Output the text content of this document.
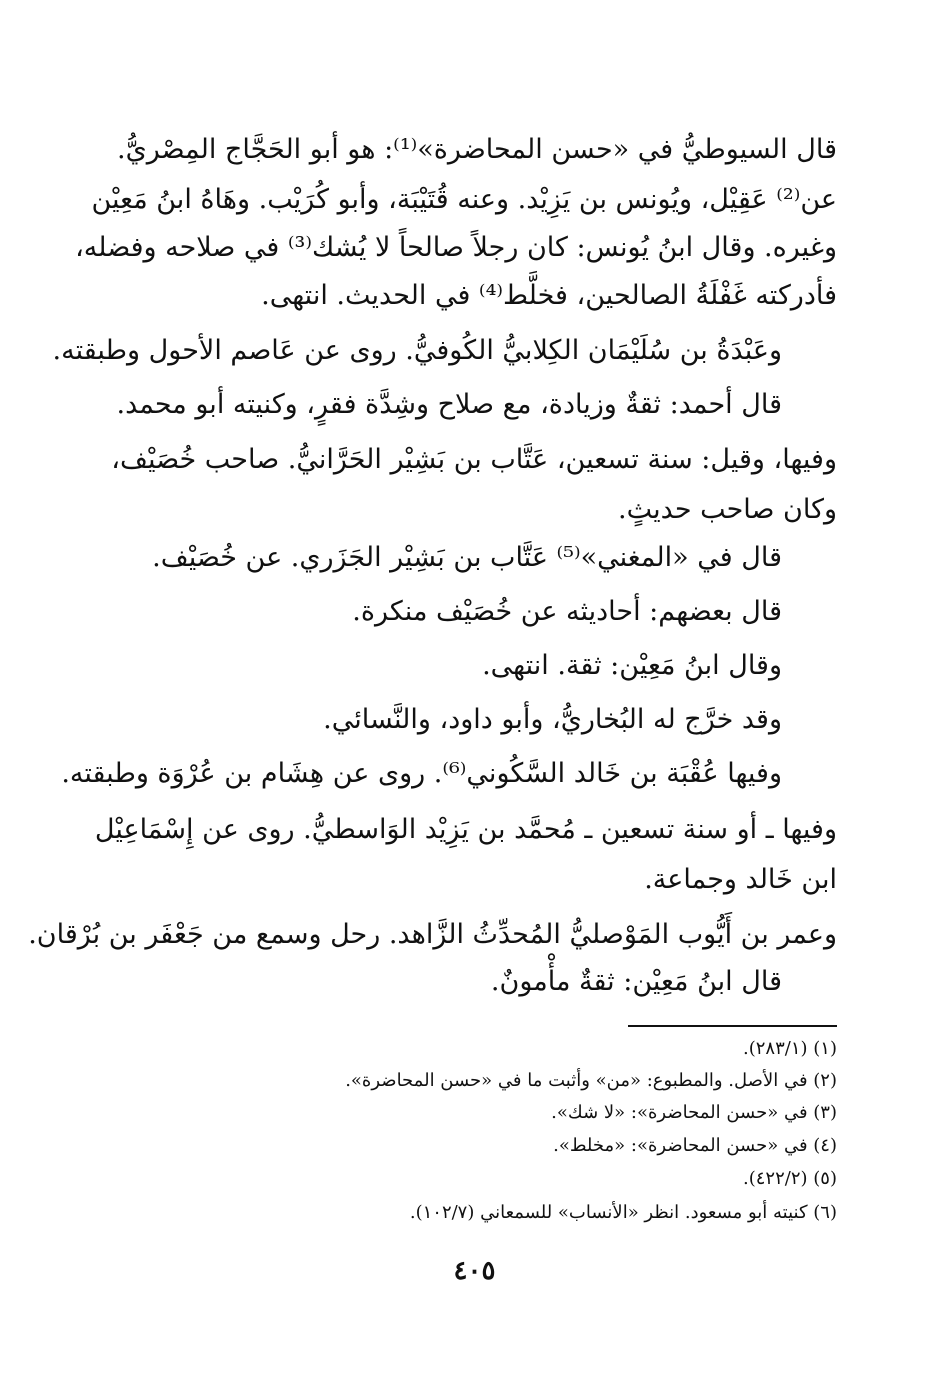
قال السيوطيُّ في «حسن المحاضرة»⁽¹⁾: هو أبو الحَجَّاج المِصْريُّ.
عن⁽²⁾ عَقِيْل، ويُونس بن يَزِيْد. وعنه قُتَيْبَة، وأبو كُرَيْب. وهَاهُ ابنُ مَعِيْن
وغيره. وقال ابنُ يُونس: كان رجلاً صالحاً لا يُشك⁽³⁾ في صلاحه وفضله،
فأدركته غَفْلَةُ الصالحين، فخلَّط⁽⁴⁾ في الحديث. انتهى.
وعَبْدَةُ بن سُلَيْمَان الكِلابيُّ الكُوفيُّ. روى عن عَاصم الأحول وطبقته.
قال أحمد: ثقةٌ وزيادة، مع صلاح وشِدَّة فقرٍ، وكنيته أبو محمد.
وفيها، وقيل: سنة تسعين، عَتَّاب بن بَشِيْر الحَرَّانيُّ. صاحب خُصَيْف،
وكان صاحب حديثٍ.
قال في «المغني»⁽⁵⁾ عَتَّاب بن بَشِيْر الجَزَري. عن خُصَيْف.
قال بعضهم: أحاديثه عن خُصَيْف منكرة.
وقال ابنُ مَعِيْن: ثقة. انتهى.
وقد خرَّج له البُخاريُّ، وأبو داود، والنَّسائي.
وفيها عُقْبَة بن خَالد السَّكُوني⁽⁶⁾. روى عن هِشَام بن عُرْوَة وطبقته.
وفيها ـ أو سنة تسعين ـ مُحمَّد بن يَزِيْد الوَاسطيُّ. روى عن إِسْمَاعِيْل
ابن خَالد وجماعة.
وعمر بن أَيُّوب المَوْصليُّ المُحدِّثُ الزَّاهد. رحل وسمع من جَعْفَر بن بُرْقان.
قال ابنُ مَعِيْن: ثقةٌ مأْمونٌ.
(١) (٢٨٣/١).
(٢) في الأصل. والمطبوع: «من» وأثبت ما في «حسن المحاضرة».
(٣) في «حسن المحاضرة»: «لا شك».
(٤) في «حسن المحاضرة»: «مخلط».
(٥) (٤٢٢/٢).
(٦) كنيته أبو مسعود. انظر «الأنساب» للسمعاني (١٠٢/٧).
٤٠٥
